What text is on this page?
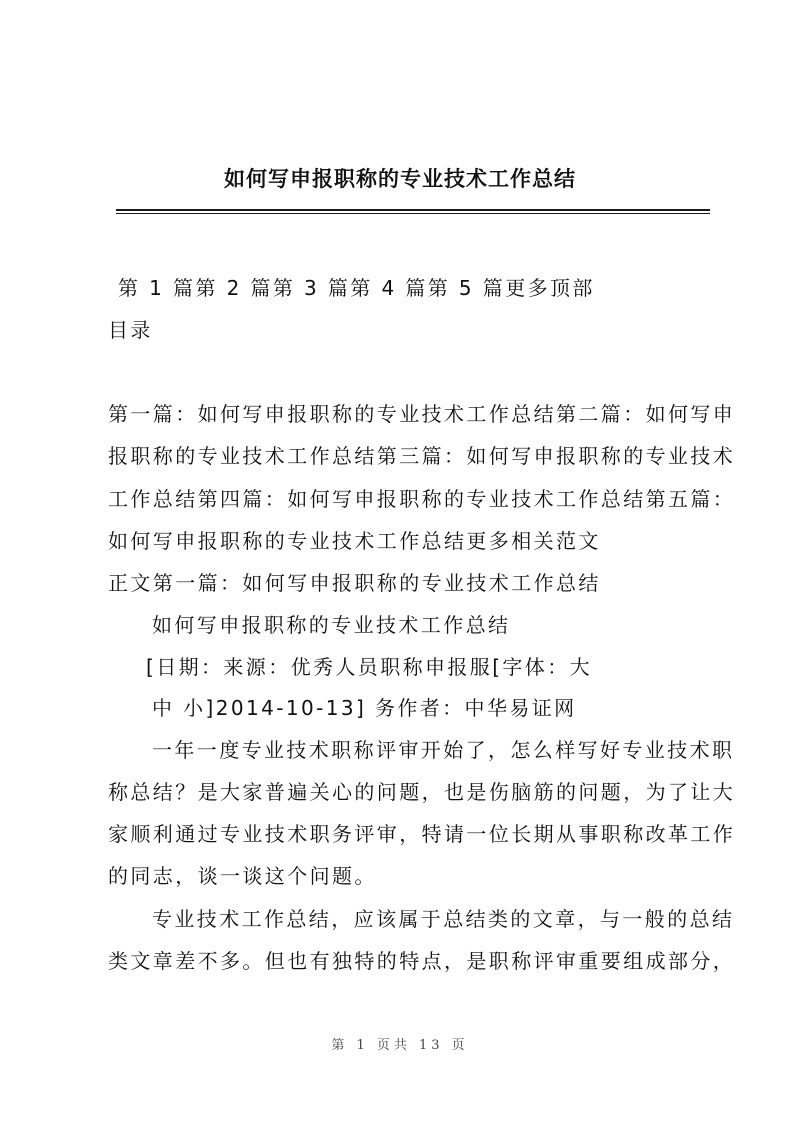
如何写申报职称的专业技术工作总结
第 1 篇第 2 篇第 3 篇第 4 篇第 5 篇更多顶部
目录
第一篇：如何写申报职称的专业技术工作总结第二篇：如何写申
报职称的专业技术工作总结第三篇：如何写申报职称的专业技术
工作总结第四篇：如何写申报职称的专业技术工作总结第五篇：
如何写申报职称的专业技术工作总结更多相关范文
正文第一篇：如何写申报职称的专业技术工作总结
如何写申报职称的专业技术工作总结
[日期：来源：优秀人员职称申报服[字体：大
中 小]2014-10-13] 务作者：中华易证网
一年一度专业技术职称评审开始了，怎么样写好专业技术职
称总结？是大家普遍关心的问题，也是伤脑筋的问题，为了让大
家顺利通过专业技术职务评审，特请一位长期从事职称改革工作
的同志，谈一谈这个问题。
专业技术工作总结，应该属于总结类的文章，与一般的总结
类文章差不多。但也有独特的特点，是职称评审重要组成部分，
第 1 页共 13 页
